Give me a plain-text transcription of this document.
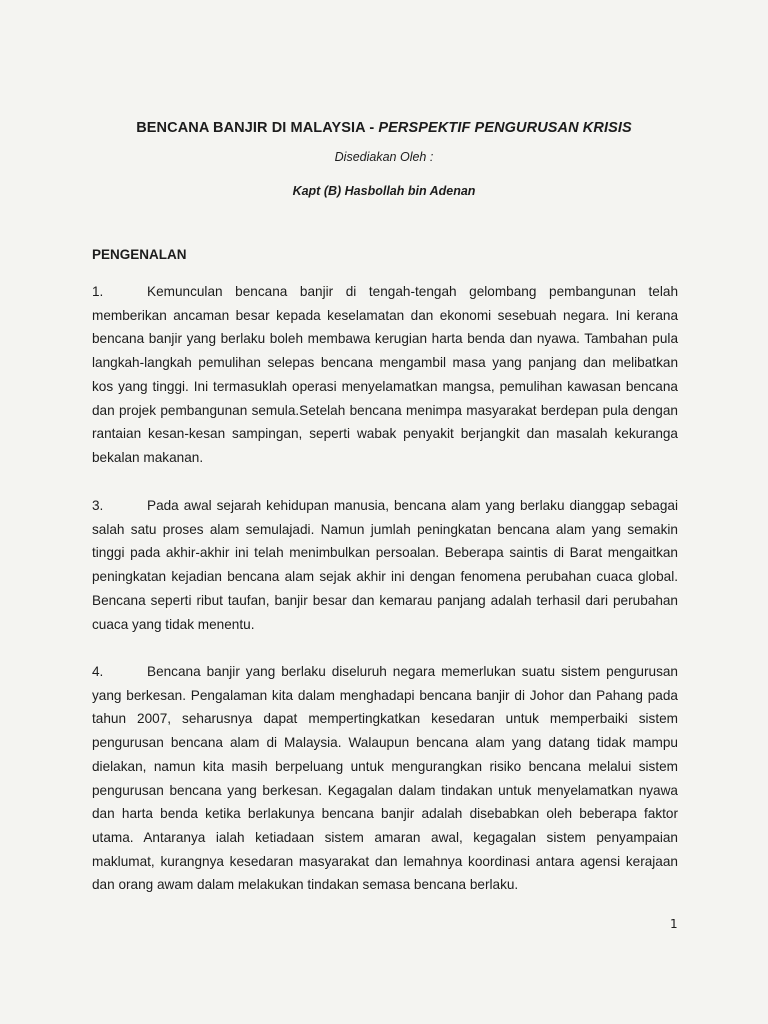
BENCANA BANJIR DI MALAYSIA - PERSPEKTIF PENGURUSAN KRISIS
Disediakan Oleh :
Kapt (B) Hasbollah bin Adenan
PENGENALAN

1.	Kemunculan bencana banjir di tengah-tengah gelombang pembangunan telah memberikan ancaman besar kepada keselamatan dan ekonomi sesebuah negara. Ini kerana bencana banjir yang berlaku boleh membawa kerugian harta benda dan nyawa. Tambahan pula langkah-langkah pemulihan selepas bencana mengambil masa yang panjang dan melibatkan kos yang tinggi. Ini termasuklah operasi menyelamatkan mangsa, pemulihan kawasan bencana dan projek pembangunan semula.Setelah bencana menimpa masyarakat berdepan pula dengan rantaian kesan-kesan sampingan, seperti wabak penyakit berjangkit dan masalah kekuranga bekalan makanan.

3.	Pada awal sejarah kehidupan manusia, bencana alam yang berlaku dianggap sebagai salah satu proses alam semulajadi. Namun jumlah peningkatan bencana alam yang semakin tinggi pada akhir-akhir ini telah menimbulkan persoalan. Beberapa saintis di Barat mengaitkan peningkatan kejadian bencana alam sejak akhir ini dengan fenomena perubahan cuaca global. Bencana seperti ribut taufan, banjir besar dan kemarau panjang adalah terhasil dari perubahan cuaca yang tidak menentu.

4.	Bencana banjir yang berlaku diseluruh negara memerlukan suatu sistem pengurusan yang berkesan. Pengalaman kita dalam menghadapi bencana banjir di Johor dan Pahang pada tahun 2007, seharusnya dapat mempertingkatkan kesedaran untuk memperbaiki sistem pengurusan bencana alam di Malaysia. Walaupun bencana alam yang datang tidak mampu dielakan, namun kita masih berpeluang untuk mengurangkan risiko bencana melalui sistem pengurusan bencana yang berkesan. Kegagalan dalam tindakan untuk menyelamatkan nyawa dan harta benda ketika berlakunya bencana banjir adalah disebabkan oleh beberapa faktor utama. Antaranya ialah ketiadaan sistem amaran awal, kegagalan sistem penyampaian maklumat, kurangnya kesedaran masyarakat dan lemahnya koordinasi antara agensi kerajaan dan orang awam dalam melakukan tindakan semasa bencana berlaku.

1
